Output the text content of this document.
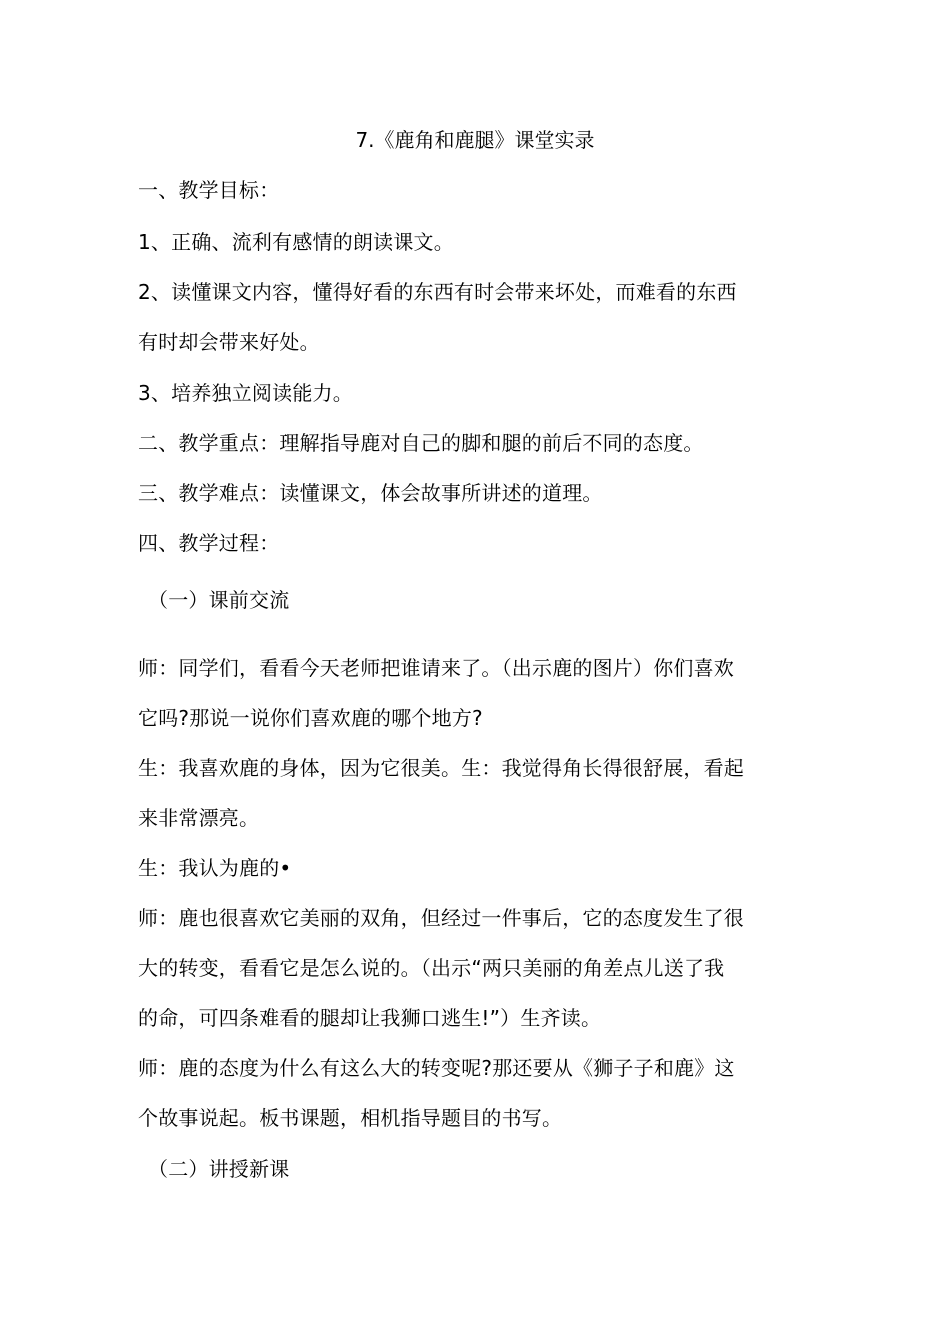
7.《鹿角和鹿腿》课堂实录
一、教学目标：
1、正确、流利有感情的朗读课文。
2、读懂课文内容，懂得好看的东西有时会带来坏处，而难看的东西
有时却会带来好处。
3、培养独立阅读能力。
二、教学重点：理解指导鹿对自己的脚和腿的前后不同的态度。
三、教学难点：读懂课文，体会故事所讲述的道理。
四、教学过程：
（一）课前交流
师：同学们，看看今天老师把谁请来了。（出示鹿的图片）你们喜欢
它吗?那说一说你们喜欢鹿的哪个地方?
生：我喜欢鹿的身体，因为它很美。生：我觉得角长得很舒展，看起
来非常漂亮。
生：我认为鹿的•
师：鹿也很喜欢它美丽的双角，但经过一件事后，它的态度发生了很
大的转变，看看它是怎么说的。（出示“两只美丽的角差点儿送了我
的命，可四条难看的腿却让我狮口逃生!”）生齐读。
师：鹿的态度为什么有这么大的转变呢?那还要从《狮子子和鹿》这
个故事说起。板书课题，相机指导题目的书写。
（二）讲授新课
